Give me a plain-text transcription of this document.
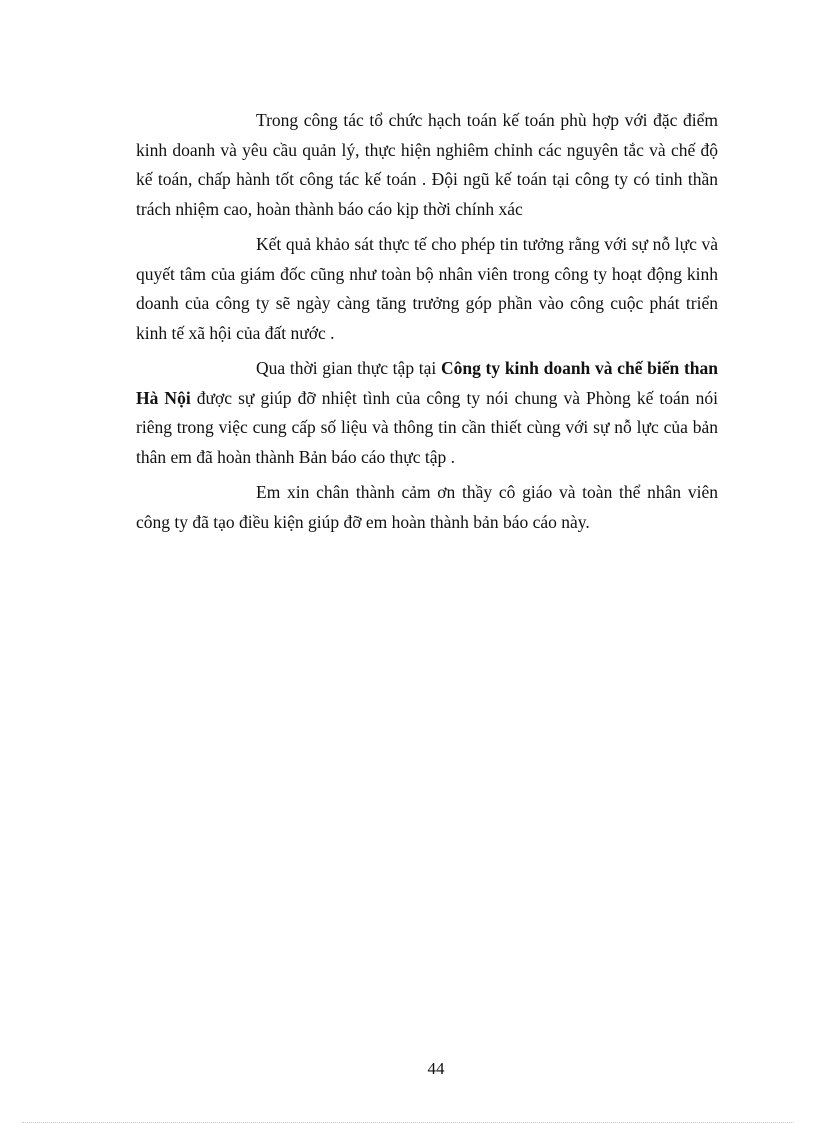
Trong công tác tổ chức hạch toán kế toán phù hợp với đặc điểm kinh doanh và yêu cầu quản lý, thực hiện nghiêm chỉnh các nguyên tắc và chế độ kế toán, chấp hành tốt công tác kế toán . Đội ngũ kế toán tại công ty có tinh thần trách nhiệm cao, hoàn thành báo cáo kịp thời chính xác

Kết quả khảo sát thực tế cho phép tin tưởng rằng với sự nỗ lực và quyết tâm của giám đốc cũng như toàn bộ nhân viên trong công ty hoạt động kinh doanh của công ty sẽ ngày càng tăng trưởng góp phần vào công cuộc phát triển kinh tế xã hội của đất nước .

Qua thời gian thực tập tại Công ty kinh doanh và chế biến than Hà Nội được sự giúp đỡ nhiệt tình của công ty nói chung và Phòng kế toán nói riêng trong việc cung cấp số liệu và thông tin cần thiết cùng với sự nỗ lực của bản thân em đã hoàn thành Bản báo cáo thực tập .

Em xin chân thành cảm ơn thầy cô giáo và toàn thể nhân viên công ty đã tạo điều kiện giúp đỡ em hoàn thành bản báo cáo này.

44
